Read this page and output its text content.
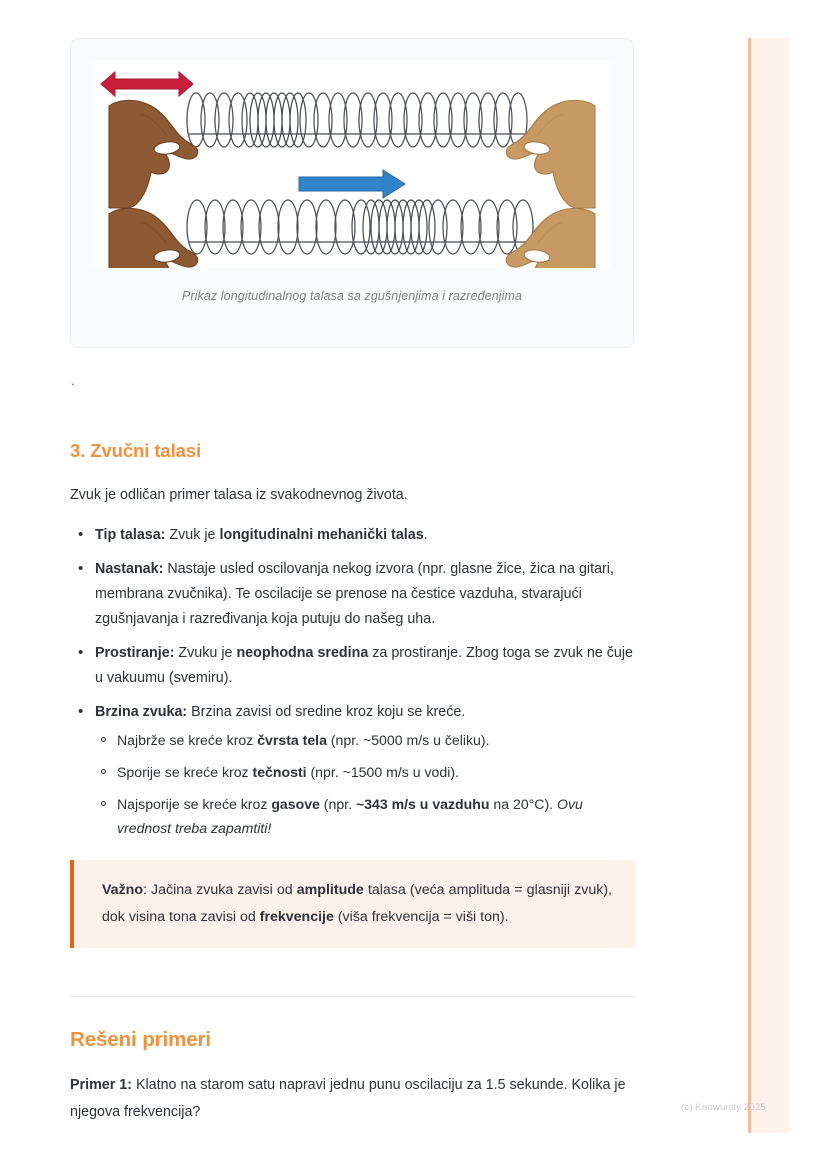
(c) Knowunity 2025
Prikaz longitudinalnog talasa sa zgušnjenjima i razređenjima
`
3. Zvučni talasi
Zvuk je odličan primer talasa iz svakodnevnog života.
• Tip talasa: Zvuk je longitudinalni mehanički talas.
• Nastanak: Nastaje usled oscilovanja nekog izvora (npr. glasne žice, žica na gitari, membrana zvučnika). Te oscilacije se prenose na čestice vazduha, stvarajući zgušnjavanja i razređivanja koja putuju do našeg uha.
• Prostiranje: Zvuku je neophodna sredina za prostiranje. Zbog toga se zvuk ne čuje u vakuumu (svemiru).
• Brzina zvuka: Brzina zavisi od sredine kroz koju se kreće.
Najbrže se kreće kroz čvrsta tela (npr. ~5000 m/s u čeliku).
Sporije se kreće kroz tečnosti (npr. ~1500 m/s u vodi).
Najsporije se kreće kroz gasove (npr. ~343 m/s u vazduhu na 20°C). Ovu vrednost treba zapamtiti!
Važno: Jačina zvuka zavisi od amplitude talasa (veća amplituda = glasniji zvuk), dok visina tona zavisi od frekvencije (viša frekvencija = viši ton).
Rešeni primeri
Primer 1: Klatno na starom satu napravi jednu punu oscilaciju za 1.5 sekunde. Kolika je njegova frekvencija?
